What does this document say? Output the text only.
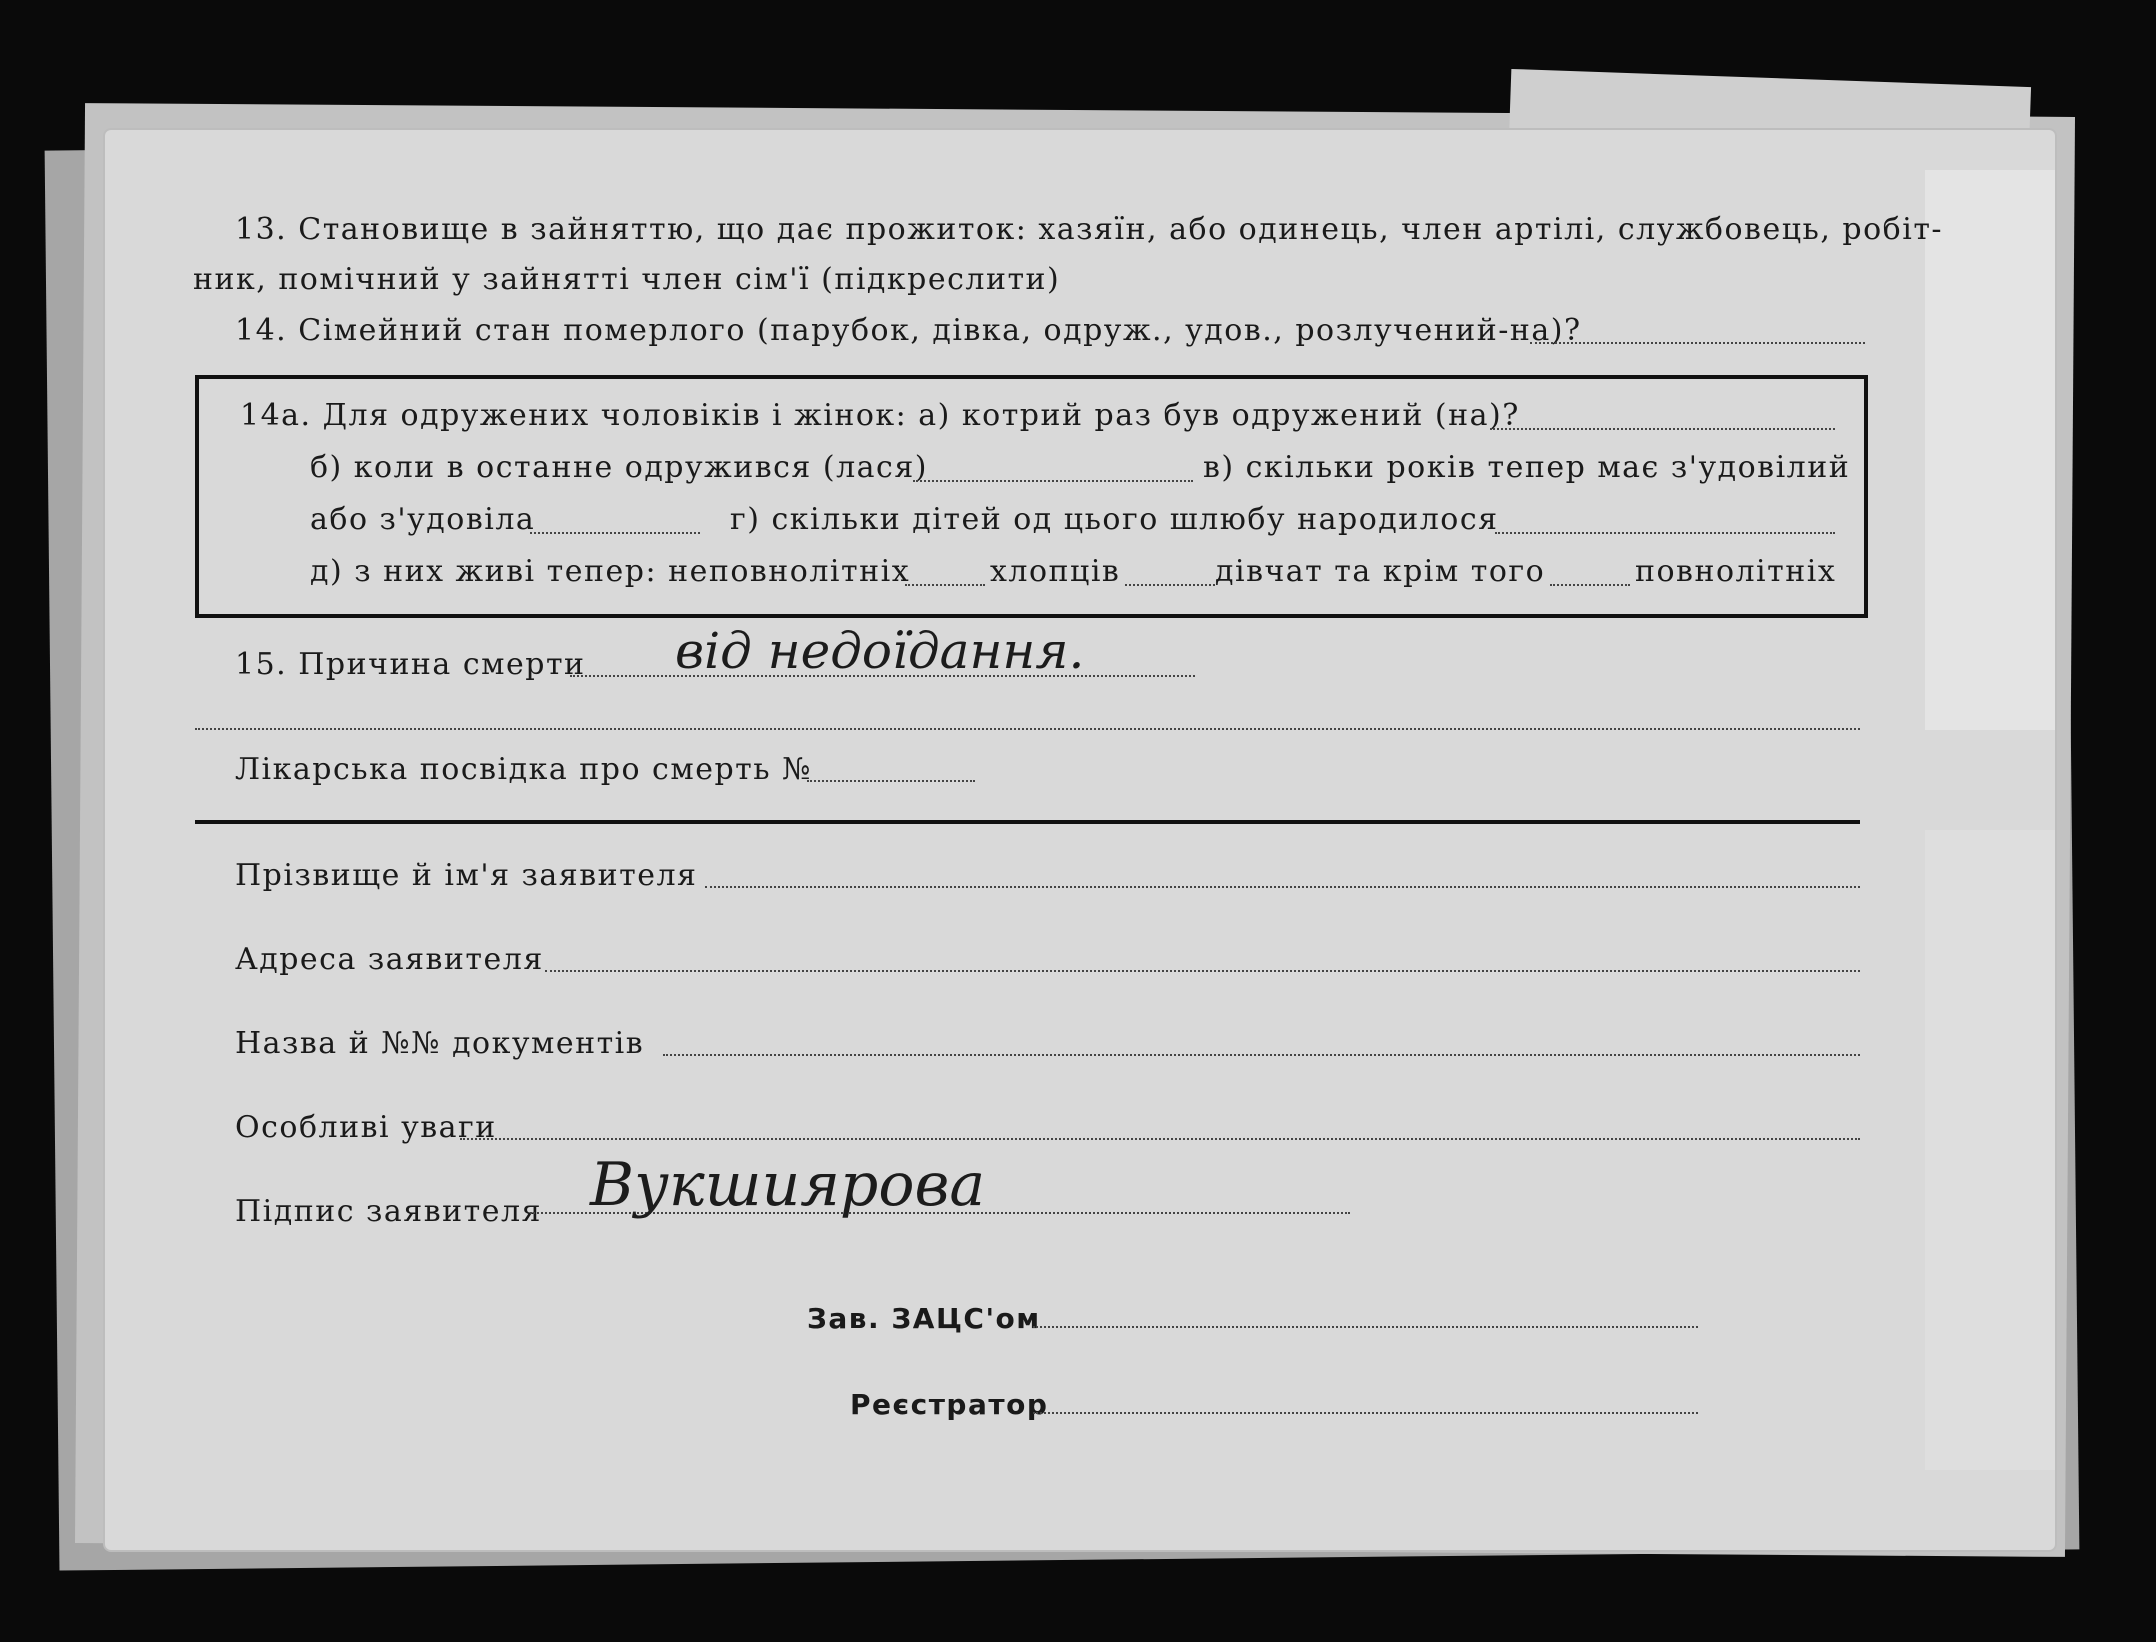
13. Становище в зайняттю, що дає прожиток: хазяїн, або одинець, член артілі, службовець, робіт-
ник, помічний у зайнятті член сім'ї (підкреслити)
14. Сімейний стан померлого (парубок, дівка, одруж., удов., розлучений-на)?
14а. Для одружених чоловіків і жінок: а) котрий раз був одружений (на)?
б) коли в останне одружився (лася)	в) скільки років тепер має з'удовілий
або з'удовіла	г) скільки дітей од цього шлюбу народилося
д) з них живі тепер: неповнолітніх	хлопців	дівчат та крім того	повнолітніх
15. Причина смерти від недоїдання.
Лікарська посвідка про смерть №
Прізвище й ім'я заявителя
Адреса заявителя
Назва й №№ документів
Особливі уваги
Підпис заявителя Вукшиярова
Зав. ЗАЦС'ом
Реєстратор
